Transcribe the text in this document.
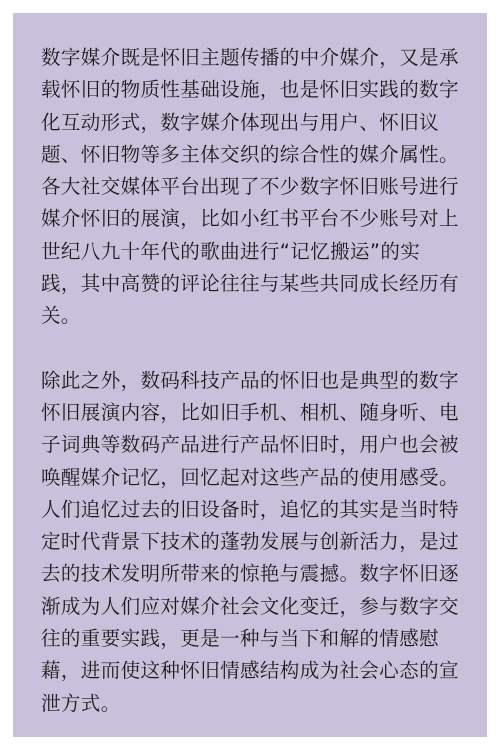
数字媒介既是怀旧主题传播的中介媒介，又是承
载怀旧的物质性基础设施，也是怀旧实践的数字
化互动形式，数字媒介体现出与用户、怀旧议
题、怀旧物等多主体交织的综合性的媒介属性。
各大社交媒体平台出现了不少数字怀旧账号进行
媒介怀旧的展演，比如小红书平台不少账号对上
世纪八九十年代的歌曲进行“记忆搬运”的实
践，其中高赞的评论往往与某些共同成长经历有
关。
除此之外，数码科技产品的怀旧也是典型的数字
怀旧展演内容，比如旧手机、相机、随身听、电
子词典等数码产品进行产品怀旧时，用户也会被
唤醒媒介记忆，回忆起对这些产品的使用感受。
人们追忆过去的旧设备时，追忆的其实是当时特
定时代背景下技术的蓬勃发展与创新活力，是过
去的技术发明所带来的惊艳与震撼。数字怀旧逐
渐成为人们应对媒介社会文化变迁，参与数字交
往的重要实践，更是一种与当下和解的情感慰
藉，进而使这种怀旧情感结构成为社会心态的宣
泄方式。
